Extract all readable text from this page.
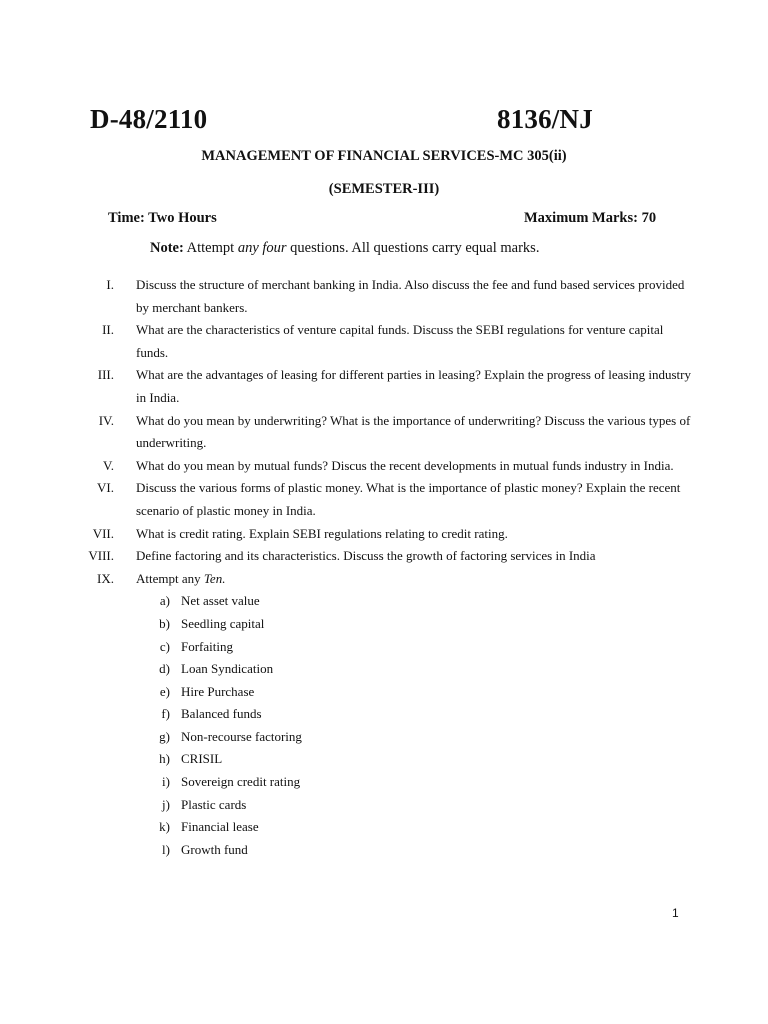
D-48/2110	8136/NJ
MANAGEMENT OF FINANCIAL SERVICES-MC 305(ii)
(SEMESTER-III)
Time: Two Hours	Maximum Marks: 70
Note: Attempt any four questions. All questions carry equal marks.
I. Discuss the structure of merchant banking in India. Also discuss the fee and fund based services provided by merchant bankers.
II. What are the characteristics of venture capital funds. Discuss the SEBI regulations for venture capital funds.
III. What are the advantages of leasing for different parties in leasing? Explain the progress of leasing industry in India.
IV. What do you mean by underwriting? What is the importance of underwriting? Discuss the various types of underwriting.
V. What do you mean by mutual funds? Discus the recent developments in mutual funds industry in India.
VI. Discuss the various forms of plastic money. What is the importance of plastic money? Explain the recent scenario of plastic money in India.
VII. What is credit rating. Explain SEBI regulations relating to credit rating.
VIII. Define factoring and its characteristics. Discuss the growth of factoring services in India
IX. Attempt any Ten.
a) Net asset value
b) Seedling capital
c) Forfaiting
d) Loan Syndication
e) Hire Purchase
f) Balanced funds
g) Non-recourse factoring
h) CRISIL
i) Sovereign credit rating
j) Plastic cards
k) Financial lease
l) Growth fund
1
